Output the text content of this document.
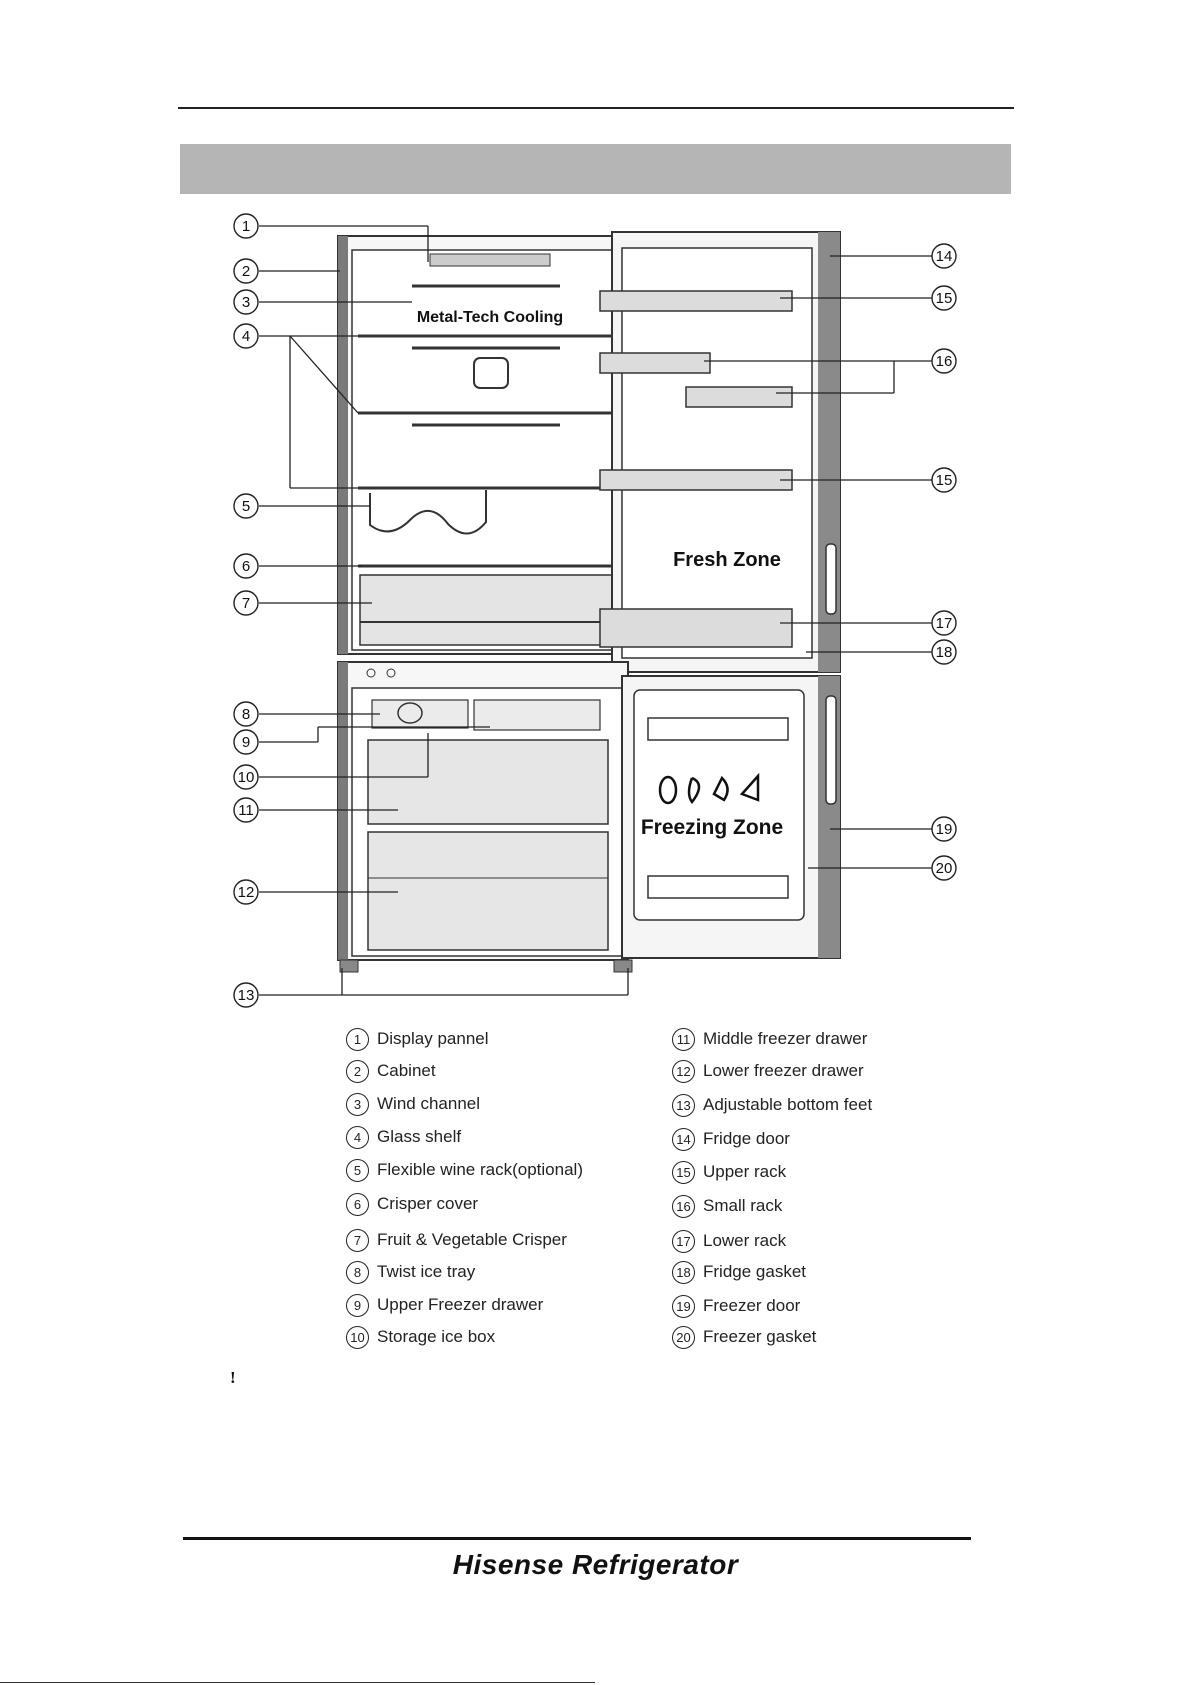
Metal-Tech Cooling
Fresh Zone
Freezing Zone
1
2
3
4
5
6
7
8
9
10
11
12
13
14
15
15
16
17
18
19
20
1 Display pannel
2 Cabinet
3 Wind channel
4 Glass shelf
5 Flexible wine rack(optional)
6 Crisper cover
7 Fruit & Vegetable Crisper
8 Twist ice tray
9 Upper Freezer drawer
10 Storage ice box
11 Middle freezer drawer
12 Lower freezer drawer
13 Adjustable bottom feet
14 Fridge door
15 Upper rack
16 Small rack
17 Lower rack
18 Fridge gasket
19 Freezer door
20 Freezer gasket
!
Hisense Refrigerator
